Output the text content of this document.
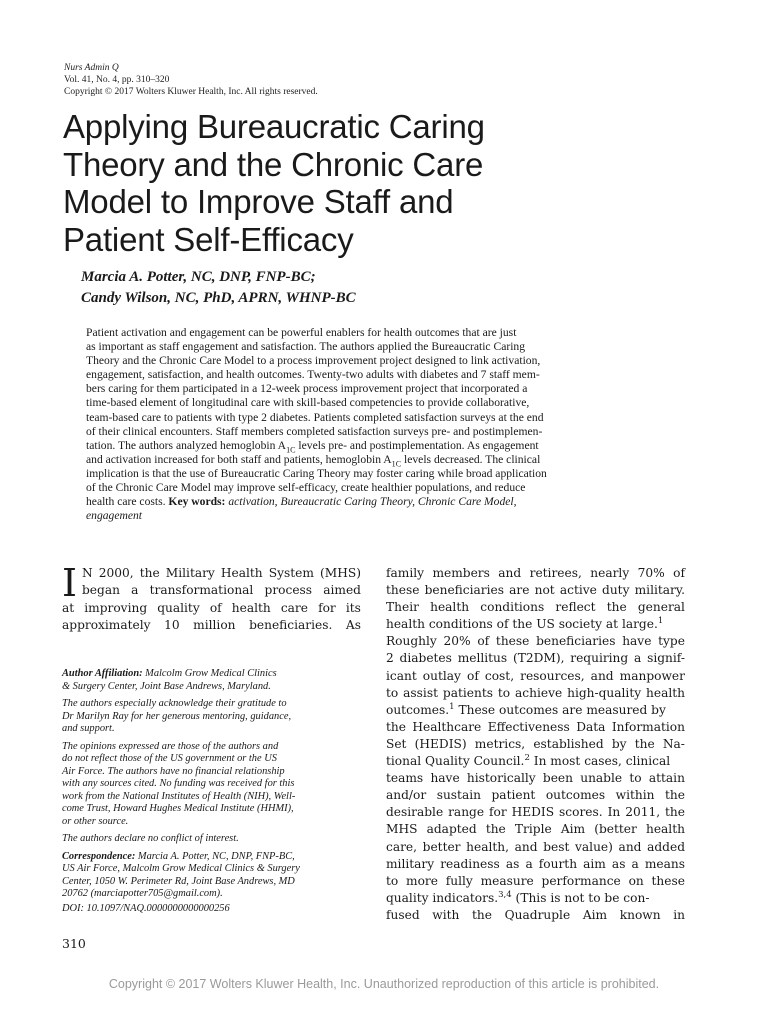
Nurs Admin Q
Vol. 41, No. 4, pp. 310–320
Copyright © 2017 Wolters Kluwer Health, Inc. All rights reserved.
Applying Bureaucratic Caring
Theory and the Chronic Care
Model to Improve Staff and
Patient Self-Efficacy
Marcia A. Potter, NC, DNP, FNP-BC;
Candy Wilson, NC, PhD, APRN, WHNP-BC
Patient activation and engagement can be powerful enablers for health outcomes that are just
as important as staff engagement and satisfaction. The authors applied the Bureaucratic Caring
Theory and the Chronic Care Model to a process improvement project designed to link activation,
engagement, satisfaction, and health outcomes. Twenty-two adults with diabetes and 7 staff mem-
bers caring for them participated in a 12-week process improvement project that incorporated a
time-based element of longitudinal care with skill-based competencies to provide collaborative,
team-based care to patients with type 2 diabetes. Patients completed satisfaction surveys at the end
of their clinical encounters. Staff members completed satisfaction surveys pre- and postimplemen-
tation. The authors analyzed hemoglobin $A_{1C}$ levels pre- and postimplementation. As engagement
and activation increased for both staff and patients, hemoglobin $A_{1C}$ levels decreased. The clinical
implication is that the use of Bureaucratic Caring Theory may foster caring while broad application
of the Chronic Care Model may improve self-efficacy, create healthier populations, and reduce
health care costs. Key words: activation, Bureaucratic Caring Theory, Chronic Care Model,
engagement
I N 2000, the Military Health System (MHS)
began a transformational process aimed
at improving quality of health care for its
approximately 10 million beneficiaries. As

Author Affiliation: Malcolm Grow Medical Clinics
& Surgery Center, Joint Base Andrews, Maryland.

The authors especially acknowledge their gratitude to
Dr Marilyn Ray for her generous mentoring, guidance,
and support.

The opinions expressed are those of the authors and
do not reflect those of the US government or the US
Air Force. The authors have no financial relationship
with any sources cited. No funding was received for this
work from the National Institutes of Health (NIH), Well-
come Trust, Howard Hughes Medical Institute (HHMI),
or other source.

The authors declare no conflict of interest.

Correspondence: Marcia A. Potter, NC, DNP, FNP-BC,
US Air Force, Malcolm Grow Medical Clinics & Surgery
Center, 1050 W. Perimeter Rd, Joint Base Andrews, MD
20762 (marciapotter705@gmail.com).

DOI: 10.1097/NAQ.0000000000000256

family members and retirees, nearly 70% of
these beneficiaries are not active duty military.
Their health conditions reflect the general
health conditions of the US society at large.$^1$
Roughly 20% of these beneficiaries have type
2 diabetes mellitus (T2DM), requiring a signif-
icant outlay of cost, resources, and manpower
to assist patients to achieve high-quality health
outcomes.$^1$ These outcomes are measured by
the Healthcare Effectiveness Data Information
Set (HEDIS) metrics, established by the Na-
tional Quality Council.$^2$ In most cases, clinical
teams have historically been unable to attain
and/or sustain patient outcomes within the
desirable range for HEDIS scores. In 2011, the
MHS adapted the Triple Aim (better health
care, better health, and best value) and added
military readiness as a fourth aim as a means
to more fully measure performance on these
quality indicators.$^{3,4}$ (This is not to be con-
fused with the Quadruple Aim known in
310
Copyright © 2017 Wolters Kluwer Health, Inc. Unauthorized reproduction of this article is prohibited.
